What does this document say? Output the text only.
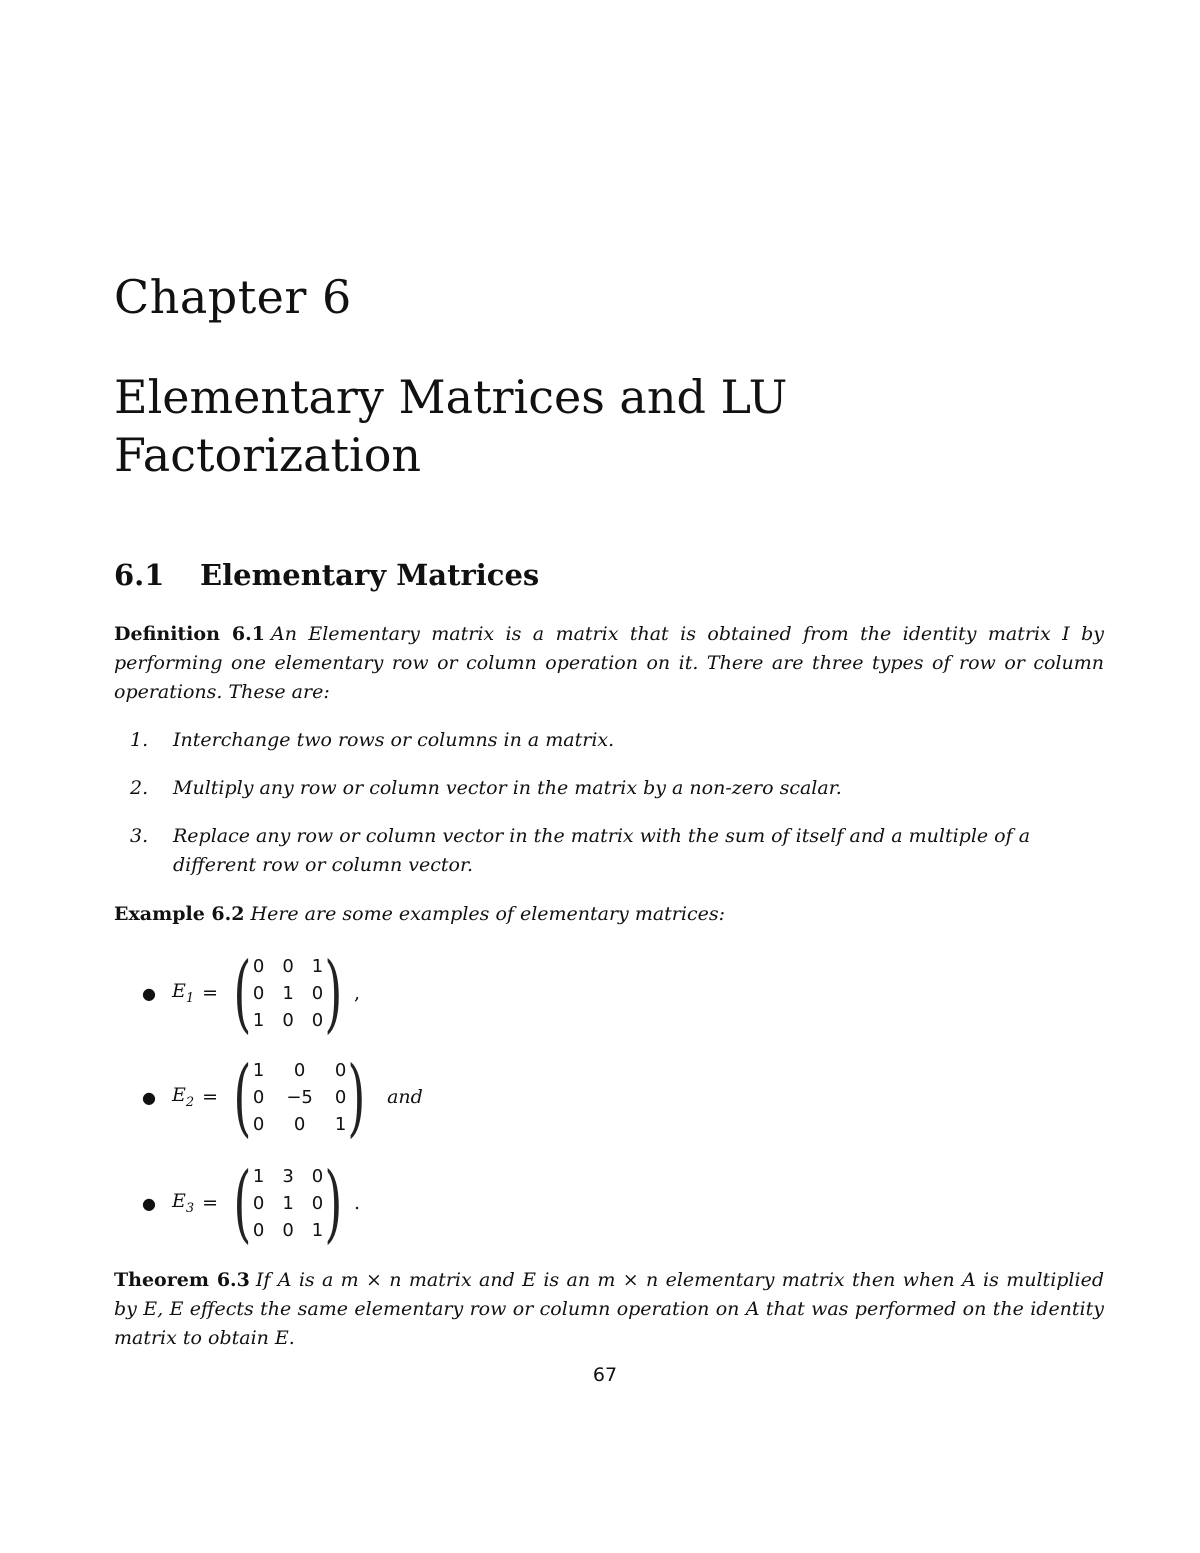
Chapter 6
Elementary Matrices and LU Factorization
6.1 Elementary Matrices
Definition 6.1 An Elementary matrix is a matrix that is obtained from the identity matrix I by performing one elementary row or column operation on it. There are three types of row or column operations. These are:
1. Interchange two rows or columns in a matrix.
2. Multiply any row or column vector in the matrix by a non-zero scalar.
3. Replace any row or column vector in the matrix with the sum of itself and a multiple of a
different row or column vector.
Example 6.2 Here are some examples of elementary matrices:
● $E_1$ = ( 0 0 1
0 1 0
1 0 0 ) ,
● $E_2$ = ( 1	0	0
0 −5 0
0	0	1 ) and
● $E_3$ = ( 1 3 0
0 1 0
0 0 1 ) .
Theorem 6.3 If A is a m × n matrix and E is an m × n elementary matrix then when A is multiplied by E, E effects the same elementary row or column operation on A that was performed on the identity matrix to obtain E.
67
